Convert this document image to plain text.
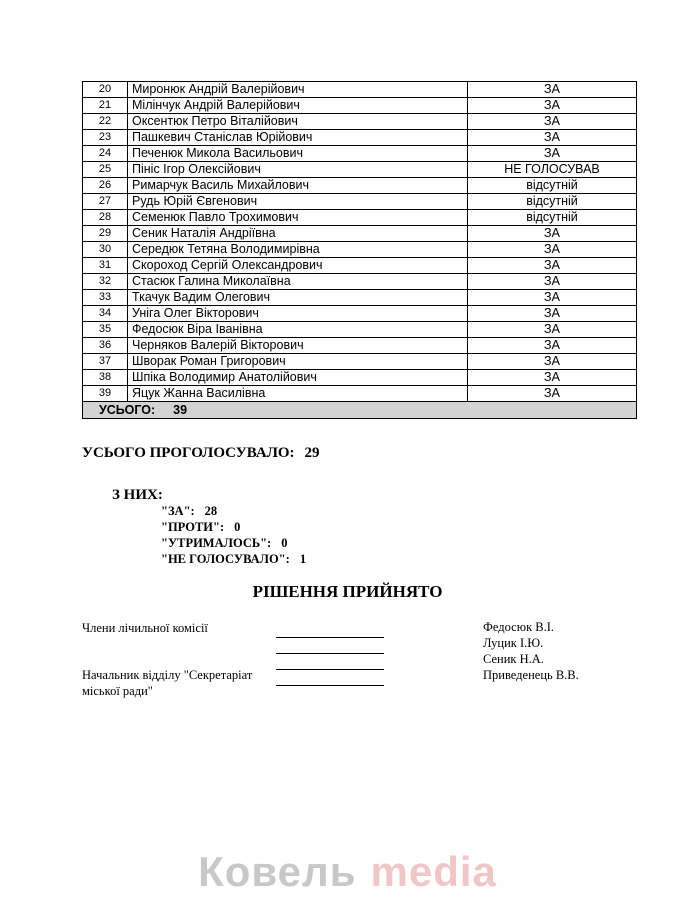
20	Миронюк Андрій Валерійович	ЗА
21	Мілінчук Андрій Валерійович	ЗА
22	Оксентюк Петро Віталійович	ЗА
23	Пашкевич Станіслав Юрійович	ЗА
24	Печенюк Микола Васильович	ЗА
25	Пініс Ігор Олексійович	НЕ ГОЛОСУВАВ
26	Римарчук Василь Михайлович	відсутній
27	Рудь Юрій Євгенович	відсутній
28	Семенюк Павло Трохимович	відсутній
29	Сеник Наталія Андріївна	ЗА
30	Середюк Тетяна Володимирівна	ЗА
31	Скороход Сергій Олександрович	ЗА
32	Стасюк Галина Миколаївна	ЗА
33	Ткачук Вадим Олегович	ЗА
34	Уніга Олег Вікторович	ЗА
35	Федосюк Віра Іванівна	ЗА
36	Черняков Валерій Вікторович	ЗА
37	Шворак Роман Григорович	ЗА
38	Шпіка Володимир Анатолійович	ЗА
39	Яцук Жанна Василівна	ЗА
УСЬОГО: 39		
УСЬОГО ПРОГОЛОСУВАЛО: 29
З НИХ:
"ЗА": 28
"ПРОТИ": 0
"УТРИМАЛОСЬ": 0
"НЕ ГОЛОСУВАЛО": 1
РІШЕННЯ ПРИЙНЯТО
Члени лічильної комісії
Начальник відділу "Секретаріат міської ради"
Федосюк В.І.
Луцик І.Ю.
Сеник Н.А.
Приведенець В.В.
Ковель media
